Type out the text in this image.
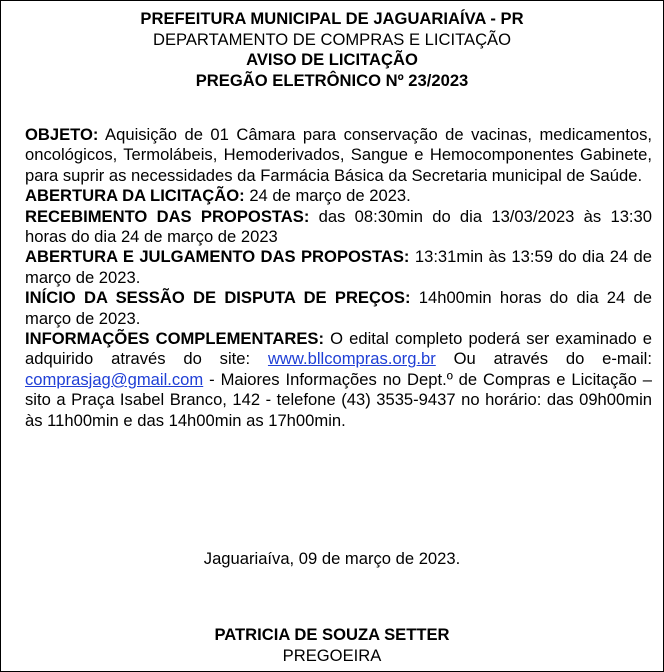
PREFEITURA MUNICIPAL DE JAGUARIAÍVA - PR
DEPARTAMENTO DE COMPRAS E LICITAÇÃO
AVISO DE LICITAÇÃO
PREGÃO ELETRÔNICO Nº 23/2023

OBJETO: Aquisição de 01 Câmara para conservação de vacinas, medicamentos, oncológicos, Termolábeis, Hemoderivados, Sangue e Hemocomponentes Gabinete, para suprir as necessidades da Farmácia Básica da Secretaria municipal de Saúde.

ABERTURA DA LICITAÇÃO: 24 de março de 2023.

RECEBIMENTO DAS PROPOSTAS: das 08:30min do dia 13/03/2023 às 13:30 horas do dia 24 de março de 2023

ABERTURA E JULGAMENTO DAS PROPOSTAS: 13:31min às 13:59 do dia 24 de março de 2023.

INÍCIO DA SESSÃO DE DISPUTA DE PREÇOS: 14h00min horas do dia 24 de março de 2023.

INFORMAÇÕES COMPLEMENTARES: O edital completo poderá ser examinado e adquirido através do site: www.bllcompras.org.br Ou através do e-mail: comprasjag@gmail.com - Maiores Informações no Dept.º de Compras e Licitação – sito a Praça Isabel Branco, 142 - telefone (43) 3535-9437 no horário: das 09h00min às 11h00min e das 14h00min as 17h00min.

Jaguariaíva, 09 de março de 2023.
PATRICIA DE SOUZA SETTER
PREGOEIRA
